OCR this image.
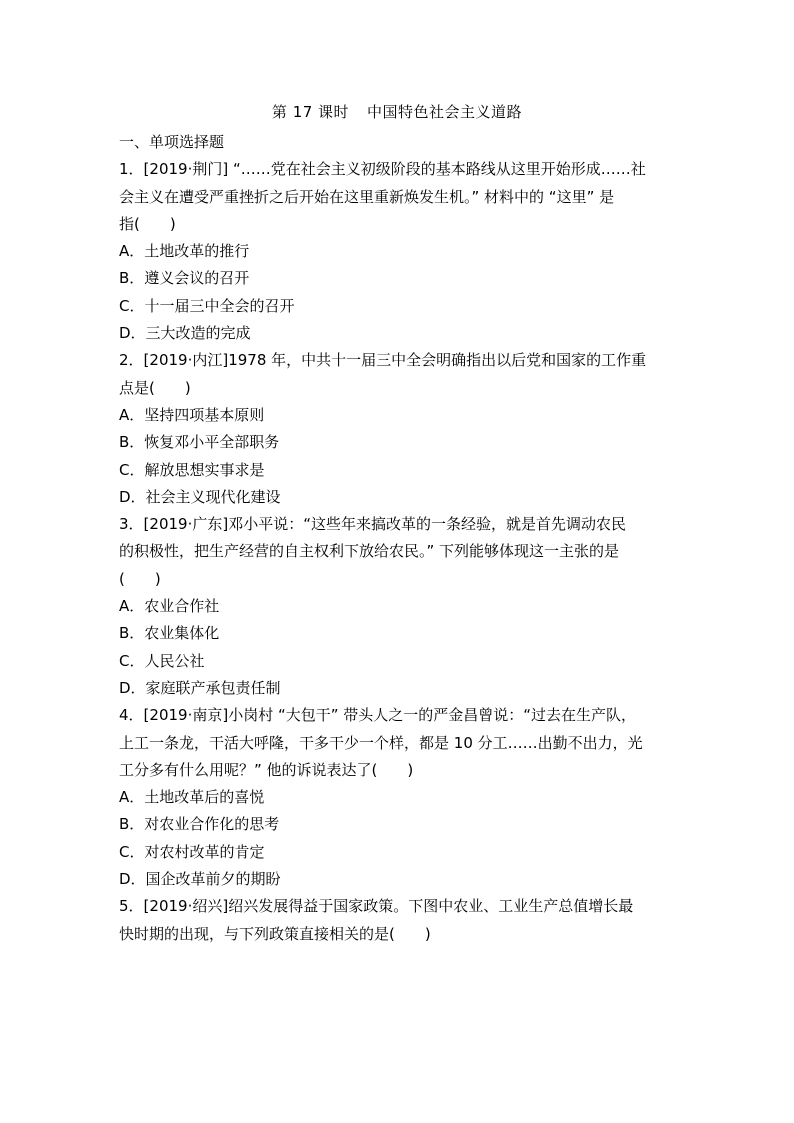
第 17 课时 中国特色社会主义道路
一、单项选择题
1．[2019·荆门] “……党在社会主义初级阶段的基本路线从这里开始形成……社
会主义在遭受严重挫折之后开始在这里重新焕发生机。” 材料中的 “这里” 是
指(　　)
A．土地改革的推行
B．遵义会议的召开
C．十一届三中全会的召开
D．三大改造的完成
2．[2019·内江]1978 年，中共十一届三中全会明确指出以后党和国家的工作重
点是(　　)
A．坚持四项基本原则
B．恢复邓小平全部职务
C．解放思想实事求是
D．社会主义现代化建设
3．[2019·广东]邓小平说：“这些年来搞改革的一条经验，就是首先调动农民
的积极性，把生产经营的自主权利下放给农民。” 下列能够体现这一主张的是
(　　)
A．农业合作社
B．农业集体化
C．人民公社
D．家庭联产承包责任制
4．[2019·南京]小岗村 “大包干” 带头人之一的严金昌曾说：“过去在生产队，
上工一条龙，干活大呼隆，干多干少一个样，都是 10 分工……出勤不出力，光
工分多有什么用呢？” 他的诉说表达了(　　)
A．土地改革后的喜悦
B．对农业合作化的思考
C．对农村改革的肯定
D．国企改革前夕的期盼
5．[2019·绍兴]绍兴发展得益于国家政策。下图中农业、工业生产总值增长最
快时期的出现，与下列政策直接相关的是(　　)
